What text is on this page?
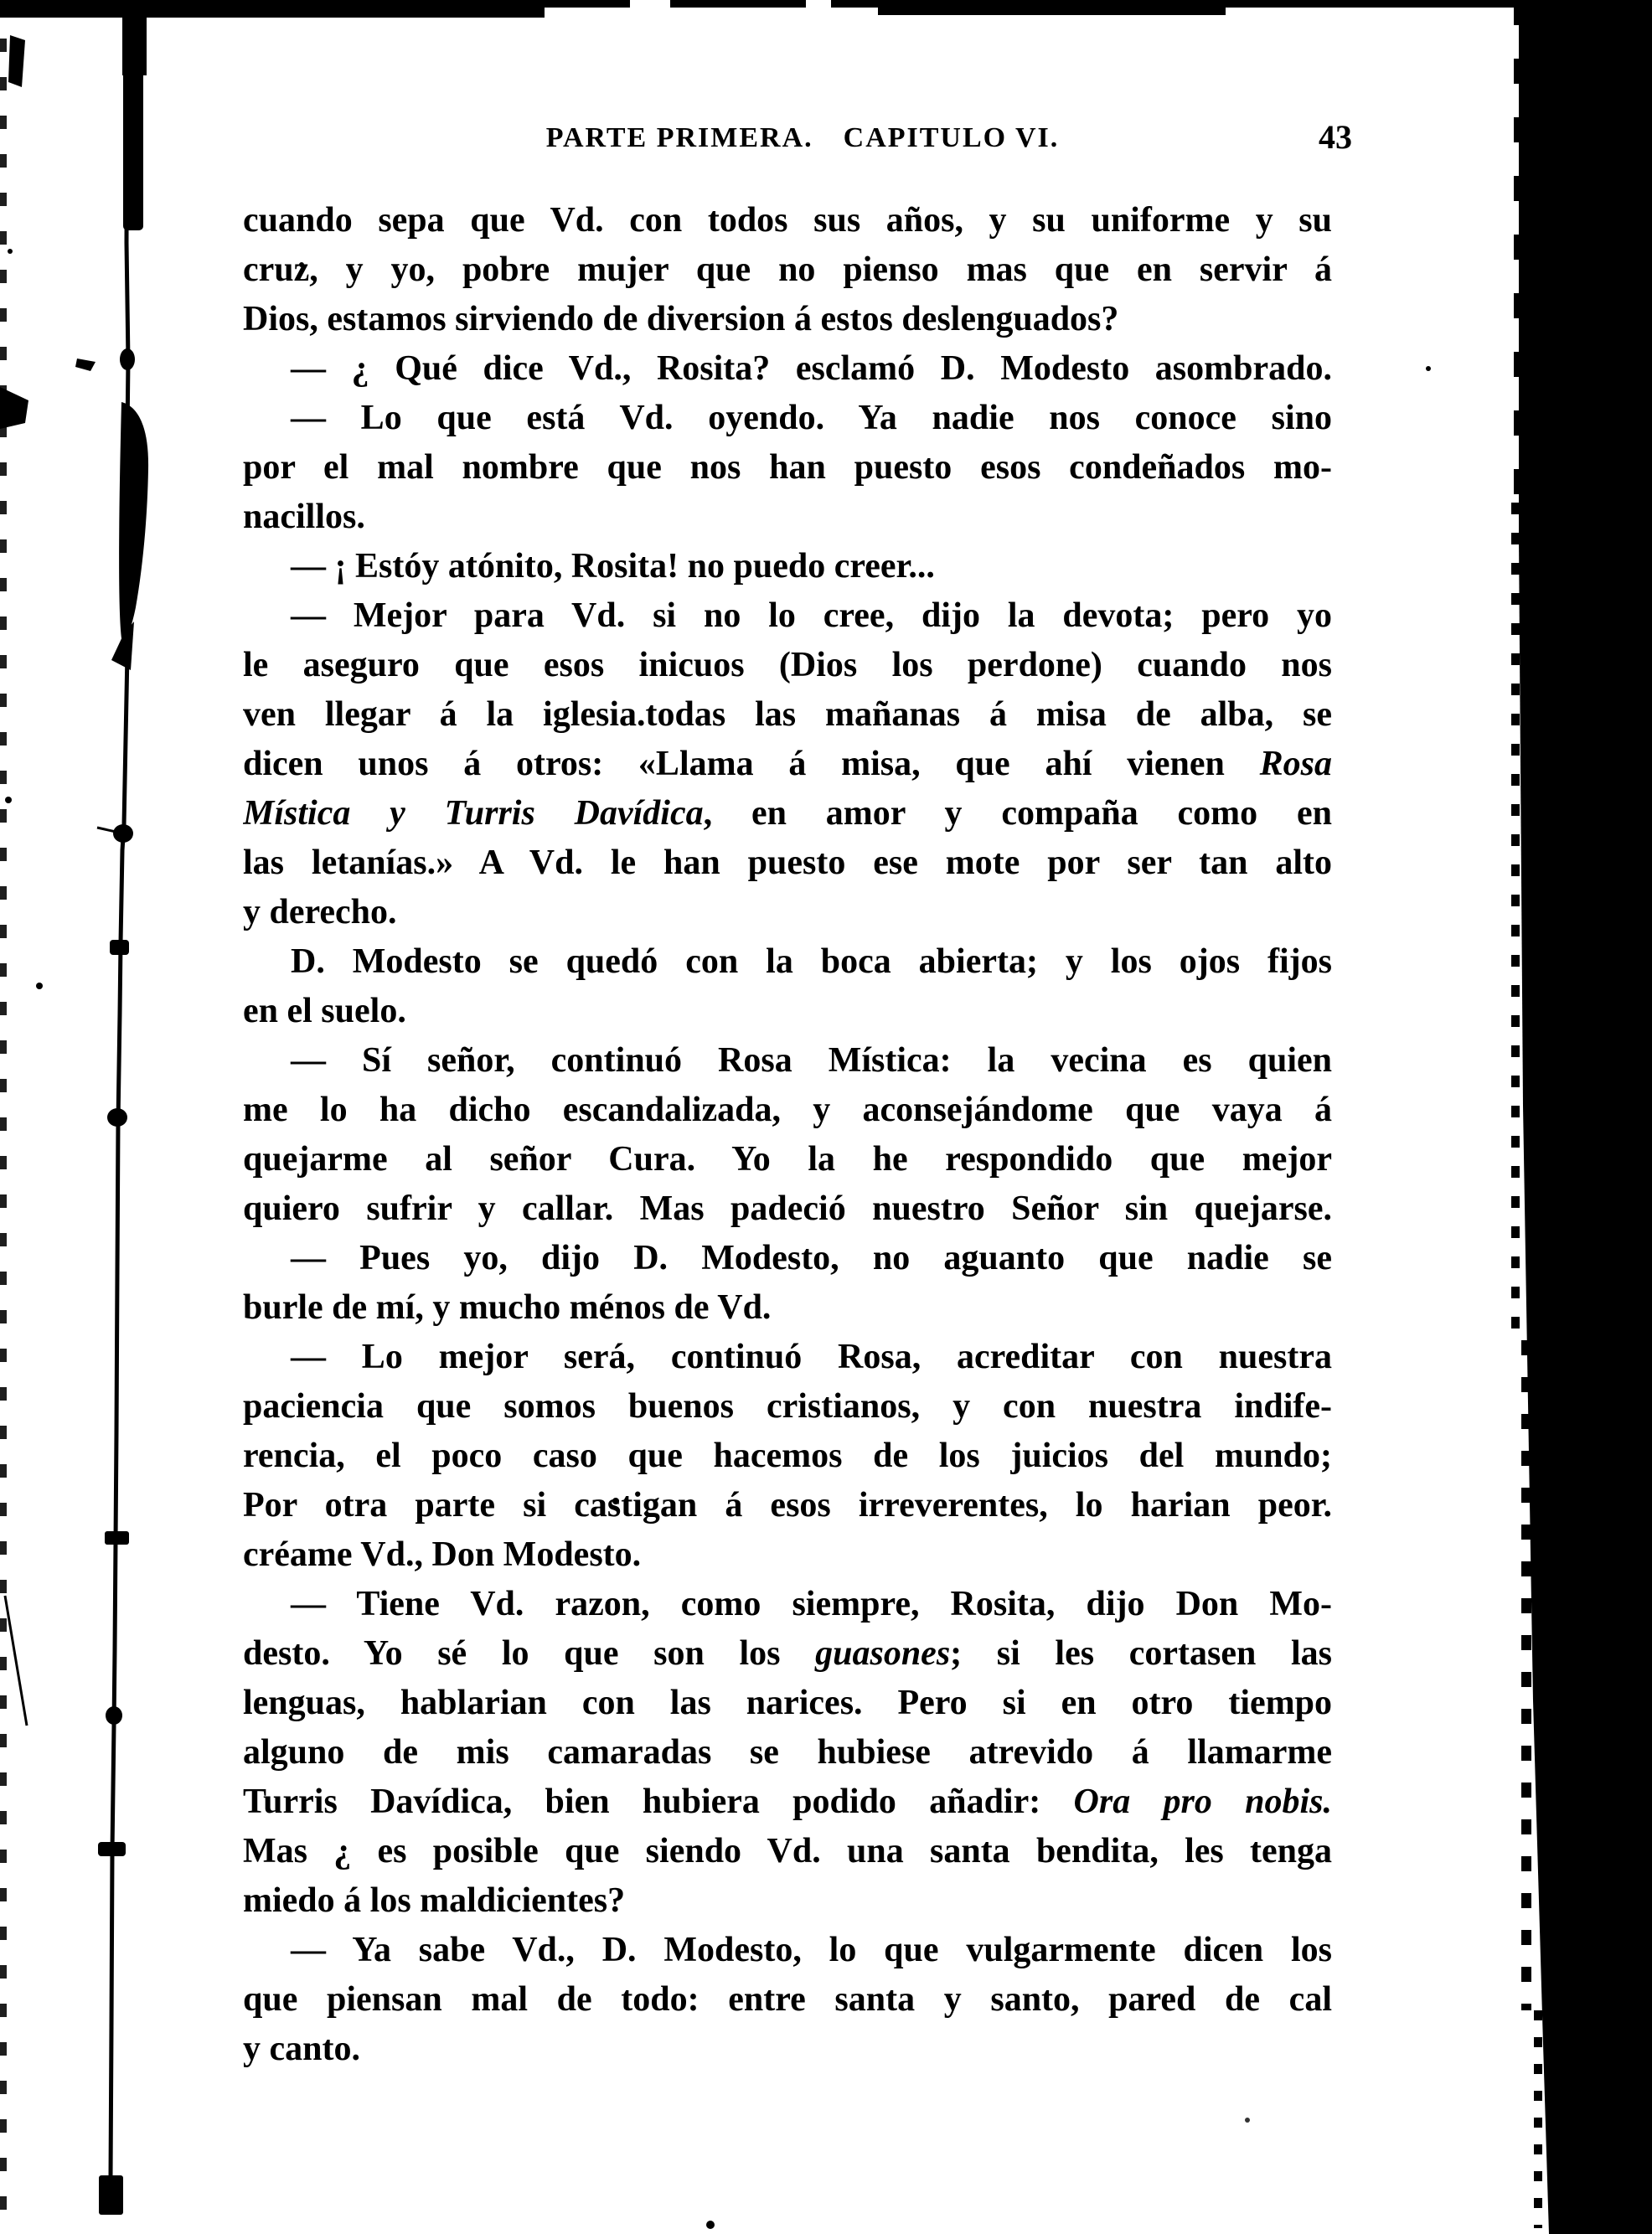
PARTE PRIMERA. CAPITULO VI.	43
cuando sepa que Vd. con todos sus años, y su uniforme y su
cruz, y yo, pobre mujer que no pienso mas que en servir á
Dios, estamos sirviendo de diversion á estos deslenguados?
— ¿ Qué dice Vd., Rosita? esclamó D. Modesto asombrado.
— Lo que está Vd. oyendo. Ya nadie nos conoce sino
por el mal nombre que nos han puesto esos condeñados mo-
nacillos.
— ¡ Estóy atónito, Rosita! no puedo creer...
— Mejor para Vd. si no lo cree, dijo la devota; pero yo
le aseguro que esos inicuos (Dios los perdone) cuando nos
ven llegar á la iglesia.todas las mañanas á misa de alba, se
dicen unos á otros: «Llama á misa, que ahí vienen Rosa
Mística y Turris Davídica, en amor y compaña como en
las letanías.» A Vd. le han puesto ese mote por ser tan alto
y derecho.
D. Modesto se quedó con la boca abierta; y los ojos fijos
en el suelo.
— Sí señor, continuó Rosa Mística: la vecina es quien
me lo ha dicho escandalizada, y aconsejándome que vaya á
quejarme al señor Cura. Yo la he respondido que mejor
quiero sufrir y callar. Mas padeció nuestro Señor sin quejarse.
— Pues yo, dijo D. Modesto, no aguanto que nadie se
burle de mí, y mucho ménos de Vd.
— Lo mejor será, continuó Rosa, acreditar con nuestra
paciencia que somos buenos cristianos, y con nuestra indife-
rencia, el poco caso que hacemos de los juicios del mundo;
Por otra parte si castigan á esos irreverentes, lo harian peor.
créame Vd., Don Modesto.
— Tiene Vd. razon, como siempre, Rosita, dijo Don Mo-
desto. Yo sé lo que son los guasones; si les cortasen las
lenguas, hablarian con las narices. Pero si en otro tiempo
alguno de mis camaradas se hubiese atrevido á llamarme
Turris Davídica, bien hubiera podido añadir: Ora pro nobis.
Mas ¿ es posible que siendo Vd. una santa bendita, les tenga
miedo á los maldicientes?
— Ya sabe Vd., D. Modesto, lo que vulgarmente dicen los
que piensan mal de todo: entre santa y santo, pared de cal
y canto.
